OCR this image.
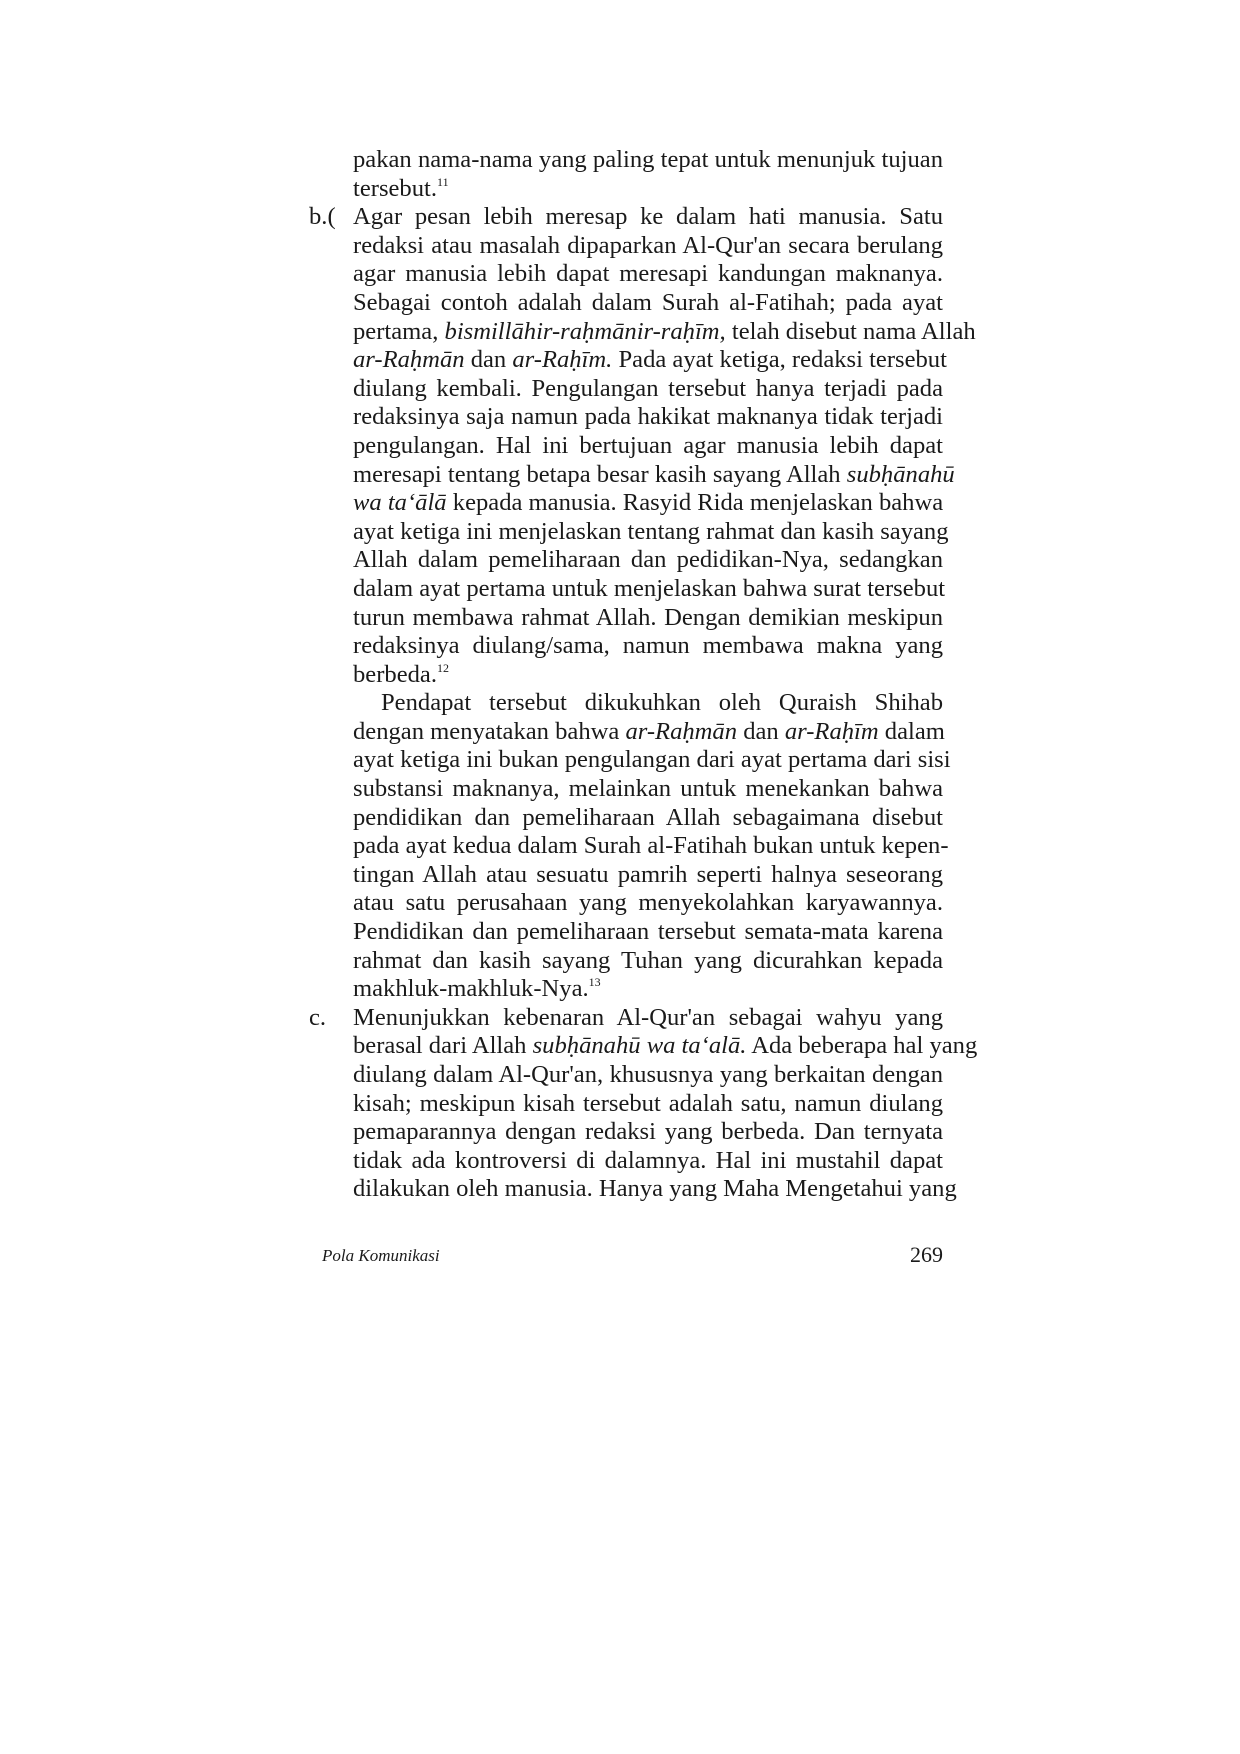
pakan nama-nama yang paling tepat untuk menunjuk tujuan
tersebut.$^{11}$
b.( Agar pesan lebih meresap ke dalam hati manusia. Satu
redaksi atau masalah dipaparkan Al-Qur'an secara berulang
agar manusia lebih dapat meresapi kandungan maknanya.
Sebagai contoh adalah dalam Surah al-Fatihah; pada ayat
pertama, bismillāhir-raḥmānir-raḥīm, telah disebut nama Allah
ar-Raḥmān dan ar-Raḥīm. Pada ayat ketiga, redaksi tersebut
diulang kembali. Pengulangan tersebut hanya terjadi pada
redaksinya saja namun pada hakikat maknanya tidak terjadi
pengulangan. Hal ini bertujuan agar manusia lebih dapat
meresapi tentang betapa besar kasih sayang Allah subḥānahū
wa ta‘ālā kepada manusia. Rasyid Rida menjelaskan bahwa
ayat ketiga ini menjelaskan tentang rahmat dan kasih sayang
Allah dalam pemeliharaan dan pedidikan-Nya, sedangkan
dalam ayat pertama untuk menjelaskan bahwa surat tersebut
turun membawa rahmat Allah. Dengan demikian meskipun
redaksinya diulang/sama, namun membawa makna yang
berbeda.$^{12}$
Pendapat tersebut dikukuhkan oleh Quraish Shihab
dengan menyatakan bahwa ar-Raḥmān dan ar-Raḥīm dalam
ayat ketiga ini bukan pengulangan dari ayat pertama dari sisi
substansi maknanya, melainkan untuk menekankan bahwa
pendidikan dan pemeliharaan Allah sebagaimana disebut
pada ayat kedua dalam Surah al-Fatihah bukan untuk kepen-
tingan Allah atau sesuatu pamrih seperti halnya seseorang
atau satu perusahaan yang menyekolahkan karyawannya.
Pendidikan dan pemeliharaan tersebut semata-mata karena
rahmat dan kasih sayang Tuhan yang dicurahkan kepada
makhluk-makhluk-Nya.$^{13}$
c.	Menunjukkan kebenaran Al-Qur'an sebagai wahyu yang
berasal dari Allah subḥānahū wa ta‘alā. Ada beberapa hal yang
diulang dalam Al-Qur'an, khususnya yang berkaitan dengan
kisah; meskipun kisah tersebut adalah satu, namun diulang
pemaparannya dengan redaksi yang berbeda. Dan ternyata
tidak ada kontroversi di dalamnya. Hal ini mustahil dapat
dilakukan oleh manusia. Hanya yang Maha Mengetahui yang
Pola Komunikasi	269
